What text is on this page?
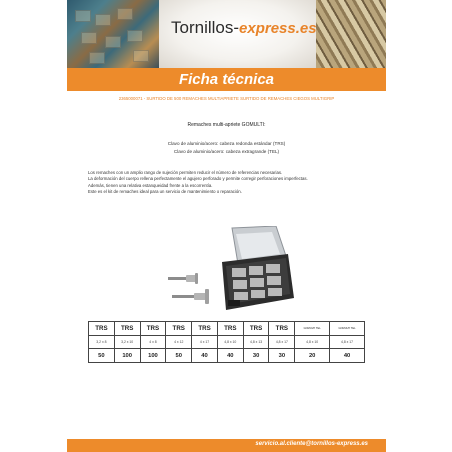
Tornillos-express.es
Ficha técnica
2365000071 - SURTIDO DE 500 REMACHES MULTIAPRIETE SURTIDO DE REMACHES CIEGOS MULTIGRIP
Remaches multi-apriete GOMULTI:
Clavo de aluminio/acero: cabeza redonda estándar (TRS)
Clavo de aluminio/acero: cabeza extragrande (TEL)
Los remaches con un amplio rango de sujeción permiten reducir el número de referencias necesarias.
La deformación del cuerpo rellena perfectamente el agujero perforado y permite corregir perforaciones imperfectas.
Además, tienen una relativa estanqueidad frente a la escorrentía.
Este es el kit de remaches ideal para un servicio de mantenimiento o reparación.
TRS	TRS	TRS	TRS	TRS	TRS	TRS	TRS	GOMULTI TEL	GOMULTI TEL
3,2 x 8	3,2 x 10	4 x 8	4 x 12	4 x 17	4,8 x 10	4,8 x 13	4,8 x 17	4,8 x 10	4,8 x 17
50	100	100	50	40	40	30	30	20	40
servicio.al.cliente@tornillos-express.es
